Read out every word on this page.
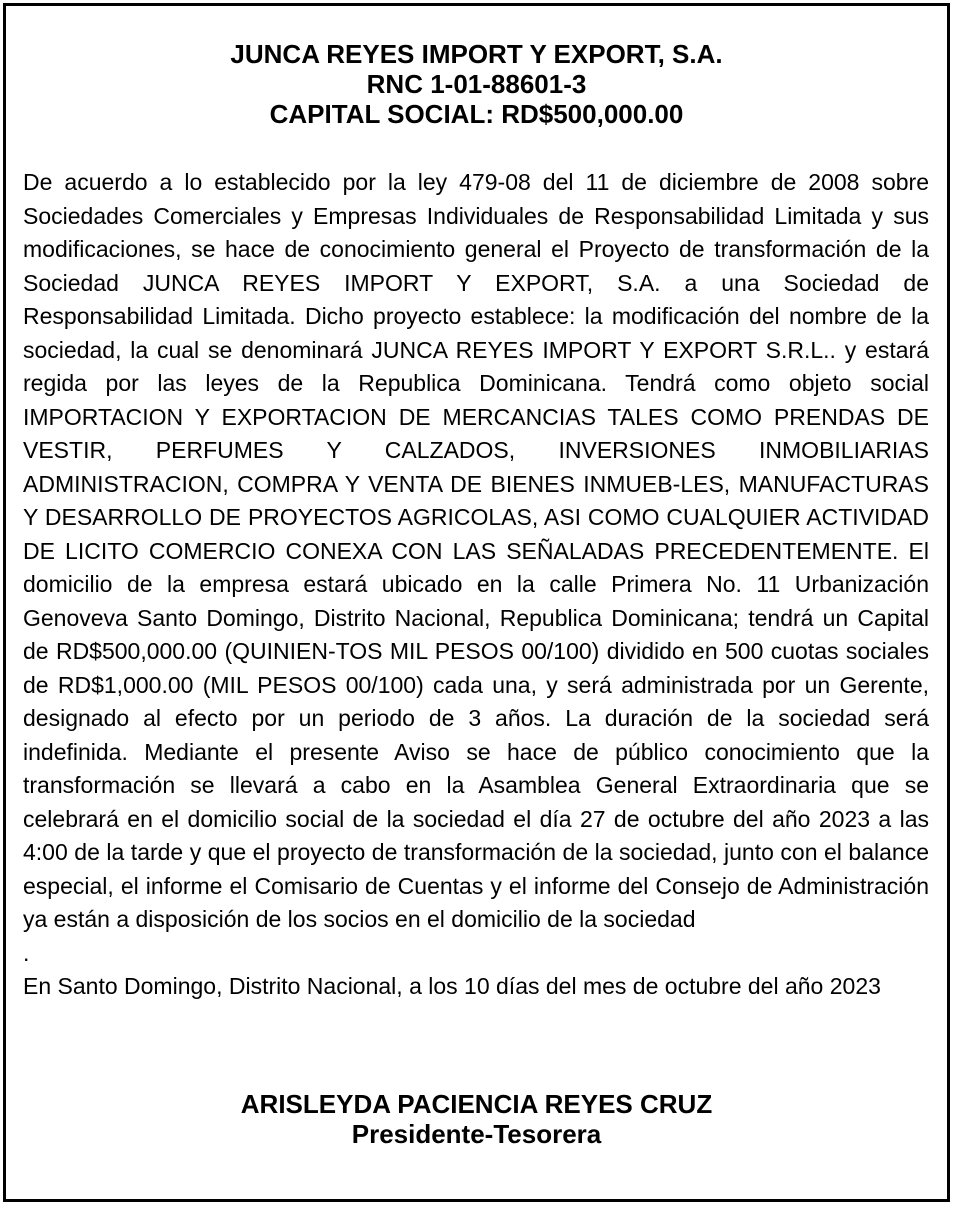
JUNCA REYES IMPORT Y EXPORT, S.A.
RNC 1-01-88601-3
CAPITAL SOCIAL: RD$500,000.00

De acuerdo a lo establecido por la ley 479-08 del 11 de diciembre de 2008 sobre Sociedades Comerciales y Empresas Individuales de Responsabilidad Limitada y sus modificaciones, se hace de conocimiento general el Proyecto de transformación de la Sociedad JUNCA REYES IMPORT Y EXPORT, S.A. a una Sociedad de Responsabilidad Limitada. Dicho proyecto establece: la modificación del nombre de la sociedad, la cual se denominará JUNCA REYES IMPORT Y EXPORT S.R.L.. y estará regida por las leyes de la Republica Dominicana. Tendrá como objeto social IMPORTACION Y EXPORTACION DE MERCANCIAS TALES COMO PRENDAS DE VESTIR, PERFUMES Y CALZADOS, INVERSIONES INMOBILIARIAS ADMINISTRACION, COMPRA Y VENTA DE BIENES INMUEB-LES, MANUFACTURAS Y DESARROLLO DE PROYECTOS AGRICOLAS, ASI COMO CUALQUIER ACTIVIDAD DE LICITO COMERCIO CONEXA CON LAS SEÑALADAS PRECEDENTEMENTE. El domicilio de la empresa estará ubicado en la calle Primera No. 11 Urbanización Genoveva Santo Domingo, Distrito Nacional, Republica Dominicana; tendrá un Capital de RD$500,000.00 (QUINIEN-TOS MIL PESOS 00/100) dividido en 500 cuotas sociales de RD$1,000.00 (MIL PESOS 00/100) cada una, y será administrada por un Gerente, designado al efecto por un periodo de 3 años. La duración de la sociedad será indefinida. Mediante el presente Aviso se hace de público conocimiento que la transformación se llevará a cabo en la Asamblea General Extraordinaria que se celebrará en el domicilio social de la sociedad el día 27 de octubre del año 2023 a las 4:00 de la tarde y que el proyecto de transformación de la sociedad, junto con el balance especial, el informe el Comisario de Cuentas y el informe del Consejo de Administración ya están a disposición de los socios en el domicilio de la sociedad

.

En Santo Domingo, Distrito Nacional, a los 10 días del mes de octubre del año 2023

ARISLEYDA PACIENCIA REYES CRUZ
Presidente-Tesorera
